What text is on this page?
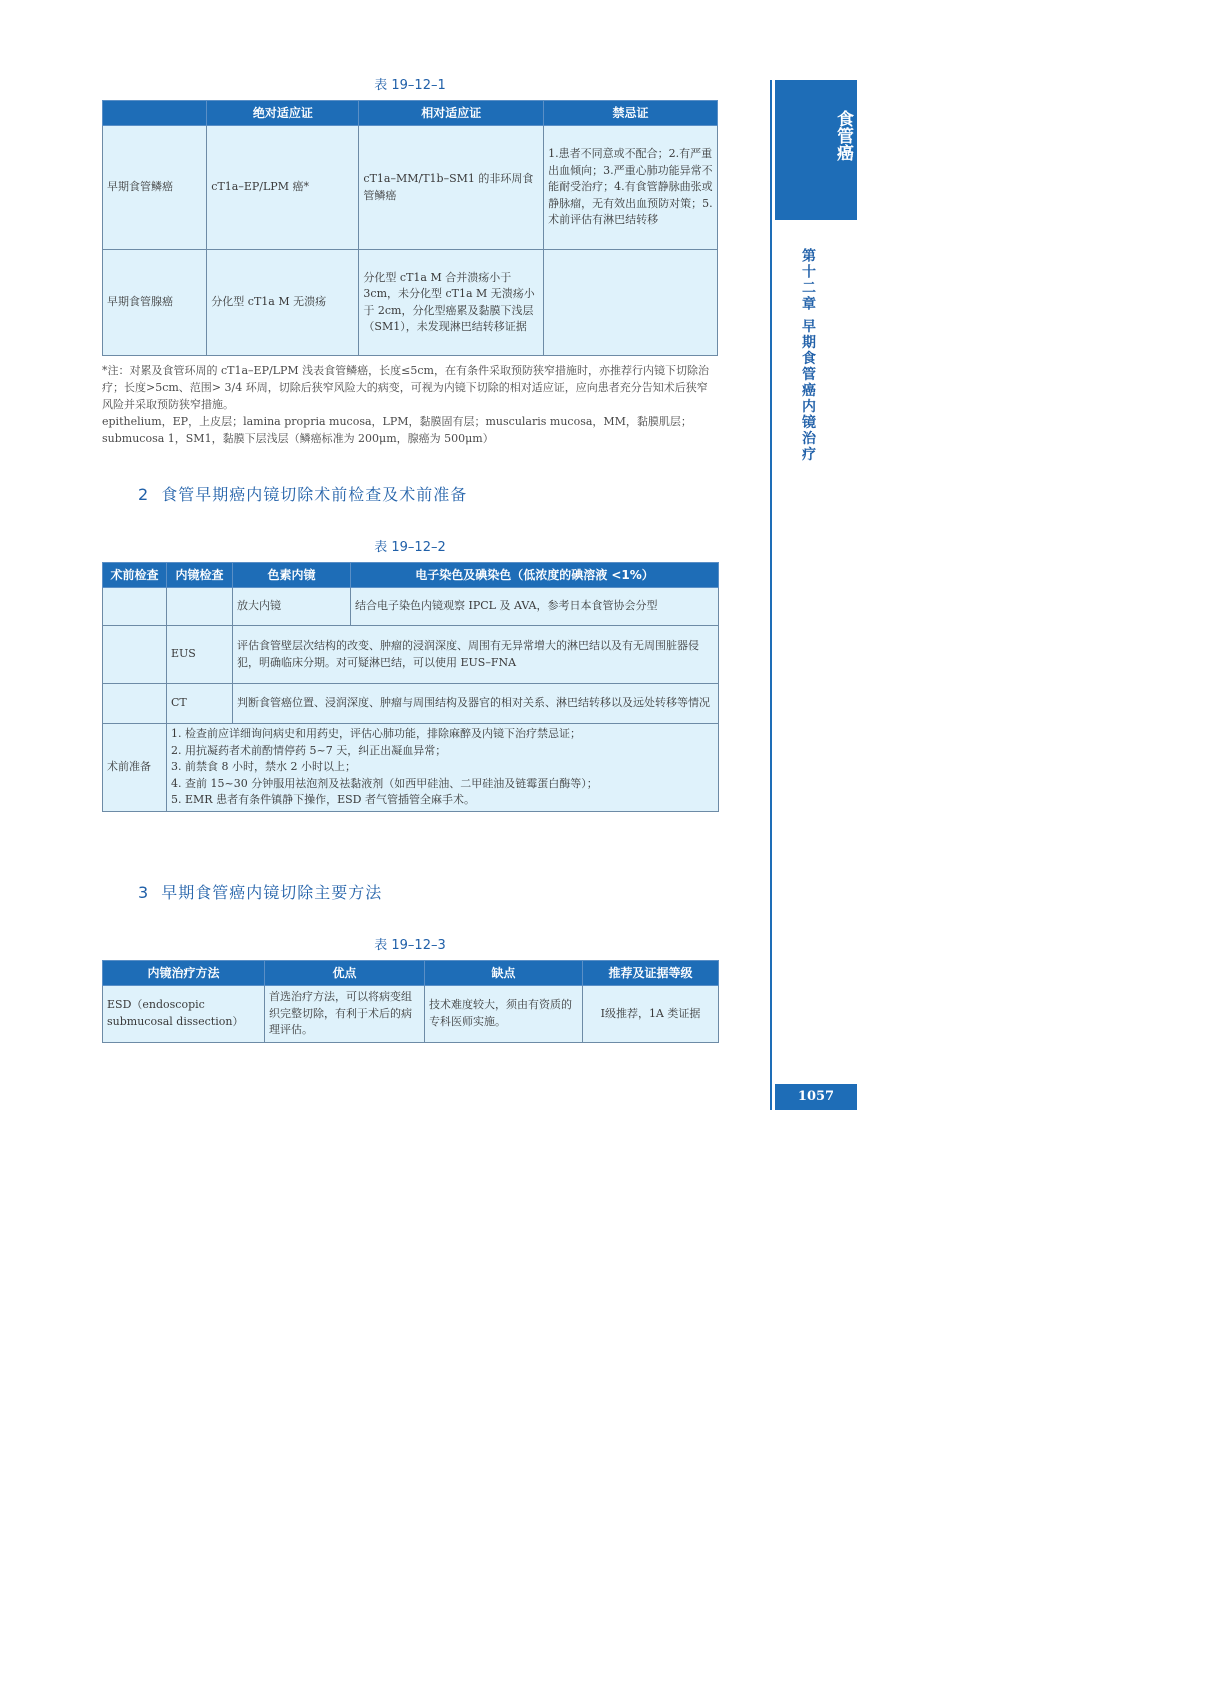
表 19–12–1
	绝对适应证	相对适应证	禁忌证
早期食管鳞癌	cT1a–EP/LPM 癌*	cT1a–MM/T1b–SM1 的非环周食管鳞癌	1.患者不同意或不配合；2.有严重出血倾向；3.严重心肺功能异常不能耐受治疗；4.有食管静脉曲张或静脉瘤，无有效出血预防对策；5.术前评估有淋巴结转移
早期食管腺癌	分化型 cT1a M 无溃疡	分化型 cT1a M 合并溃疡小于 3cm，未分化型 cT1a M 无溃疡小于 2cm，分化型癌累及黏膜下浅层（SM1），未发现淋巴结转移证据	

*注：对累及食管环周的 cT1a–EP/LPM 浅表食管鳞癌，长度≤5cm，在有条件采取预防狭窄措施时，亦推荐行内镜下切除治疗；长度>5cm、范围> 3/4 环周，切除后狭窄风险大的病变，可视为内镜下切除的相对适应证，应向患者充分告知术后狭窄风险并采取预防狭窄措施。

epithelium，EP，上皮层；lamina propria mucosa，LPM，黏膜固有层；muscularis mucosa，MM，黏膜肌层；submucosa 1，SM1，黏膜下层浅层（鳞癌标准为 200μm，腺癌为 500μm）

2 食管早期癌内镜切除术前检查及术前准备
表 19–12–2
术前检查	内镜检查	色素内镜	电子染色及碘染色（低浓度的碘溶液 <1%）
		放大内镜	结合电子染色内镜观察 IPCL 及 AVA，参考日本食管协会分型
	EUS	评估食管壁层次结构的改变、肿瘤的浸润深度、周围有无异常增大的淋巴结以及有无周围脏器侵犯，明确临床分期。对可疑淋巴结，可以使用 EUS–FNA	
	CT	判断食管癌位置、浸润深度、肿瘤与周围结构及器官的相对关系、淋巴结转移以及远处转移等情况	
术前准备	1. 检查前应详细询问病史和用药史，评估心肺功能，排除麻醉及内镜下治疗禁忌证；
2. 用抗凝药者术前酌情停药 5~7 天，纠正出凝血异常；
3. 前禁食 8 小时，禁水 2 小时以上；
4. 查前 15~30 分钟服用祛泡剂及祛黏液剂（如西甲硅油、二甲硅油及链霉蛋白酶等）；
5. EMR 患者有条件镇静下操作，ESD 者气管插管全麻手术。		
3 早期食管癌内镜切除主要方法
表 19–12–3
内镜治疗方法	优点	缺点	推荐及证据等级
ESD（endoscopic submucosal dissection）	首选治疗方法，可以将病变组织完整切除，有利于术后的病理评估。	技术难度较大，须由有资质的专科医师实施。	Ⅰ级推荐，1A 类证据
食管癌
第十二章 早期食管癌内镜治疗
1057
